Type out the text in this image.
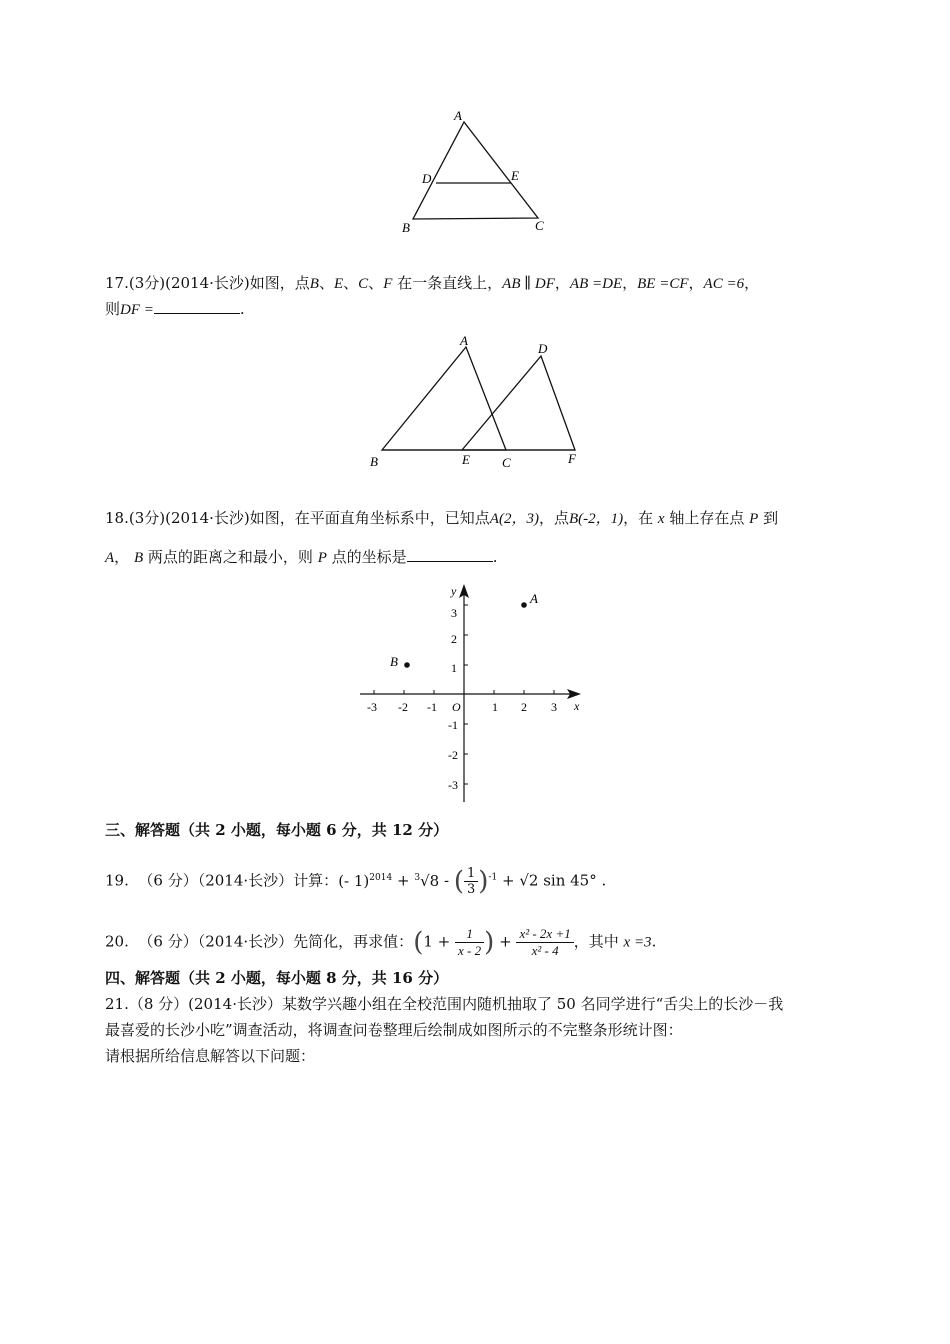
A
D	E
B	C
17.(3分)(2014·长沙)如图，点B、E、C、F 在一条直线上，AB ∥ DF，AB =DE，BE =CF，AC =6，
则DF =	.
A
D
B	E C	F
18.(3分)(2014·长沙)如图，在平面直角坐标系中，已知点A(2，3)，点B(-2，1)，在 x 轴上存在点 P 到
A， B 两点的距离之和最小，则 P 点的坐标是	.
-3 -2 -1	1 2 3
3
2
1
-1
-2
-3
x
y
O
A
B
三、解答题（共 2 小题，每小题 6 分，共 12 分）
19. （6 分）（2014·长沙）计算：(- 1)$^{2014}$ + $^3$√8 - ( $\frac{1}{3} )^{-1} + √2$ sin 45° .
20. （6 分）（2014·长沙）先简化，再求值：($1 + \frac{1}{x - 2}$ ) + $\frac{\text{x² - 2x +1}}{\text{x² - 4}}$ ，其中 x =3.
四、解答题（共 2 小题，每小题 8 分，共 16 分）
21.（8 分）(2014·长沙）某数学兴趣小组在全校范围内随机抽取了 50 名同学进行“舌尖上的长沙－我
最喜爱的长沙小吃”调查活动，将调查问卷整理后绘制成如图所示的不完整条形统计图：
请根据所给信息解答以下问题：
